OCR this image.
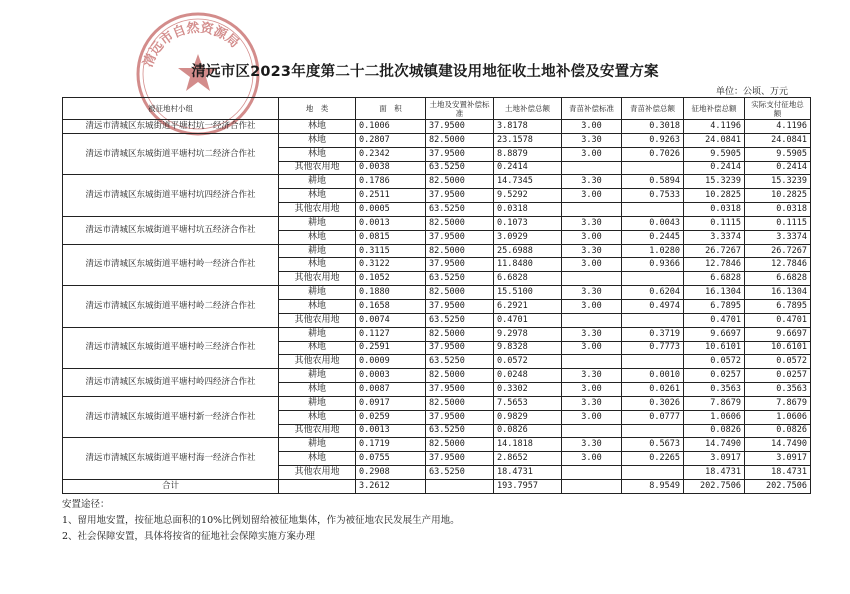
清远市自然资源局
清远市区2023年度第二十二批次城镇建设用地征收土地补偿及安置方案
单位：公顷、万元
被征地村小组	地　类	面　积	土地及安置补偿标准	土地补偿总额	青苗补偿标准	青苗补偿总额	征地补偿总额	实际支付征地总额
清远市清城区东城街道平塘村坑一经济合作社	林地	0.1006	37.9500	3.8178	3.00	0.3018	4.1196	4.1196
清远市清城区东城街道平塘村坑二经济合作社	林地	0.2807	82.5000	23.1578	3.30	0.9263	24.0841	24.0841
	林地	0.2342	37.9500	8.8879	3.00	0.7026	9.5905	9.5905
	其他农用地	0.0038	63.5250	0.2414			0.2414	0.2414
清远市清城区东城街道平塘村坑四经济合作社	耕地	0.1786	82.5000	14.7345	3.30	0.5894	15.3239	15.3239
	林地	0.2511	37.9500	9.5292	3.00	0.7533	10.2825	10.2825
	其他农用地	0.0005	63.5250	0.0318			0.0318	0.0318
清远市清城区东城街道平塘村坑五经济合作社	耕地	0.0013	82.5000	0.1073	3.30	0.0043	0.1115	0.1115
	林地	0.0815	37.9500	3.0929	3.00	0.2445	3.3374	3.3374
清远市清城区东城街道平塘村岭一经济合作社	耕地	0.3115	82.5000	25.6988	3.30	1.0280	26.7267	26.7267
	林地	0.3122	37.9500	11.8480	3.00	0.9366	12.7846	12.7846
	其他农用地	0.1052	63.5250	6.6828			6.6828	6.6828
清远市清城区东城街道平塘村岭二经济合作社	耕地	0.1880	82.5000	15.5100	3.30	0.6204	16.1304	16.1304
	林地	0.1658	37.9500	6.2921	3.00	0.4974	6.7895	6.7895
	其他农用地	0.0074	63.5250	0.4701			0.4701	0.4701
清远市清城区东城街道平塘村岭三经济合作社	耕地	0.1127	82.5000	9.2978	3.30	0.3719	9.6697	9.6697
	林地	0.2591	37.9500	9.8328	3.00	0.7773	10.6101	10.6101
	其他农用地	0.0009	63.5250	0.0572			0.0572	0.0572
清远市清城区东城街道平塘村岭四经济合作社	耕地	0.0003	82.5000	0.0248	3.30	0.0010	0.0257	0.0257
	林地	0.0087	37.9500	0.3302	3.00	0.0261	0.3563	0.3563
清远市清城区东城街道平塘村新一经济合作社	耕地	0.0917	82.5000	7.5653	3.30	0.3026	7.8679	7.8679
	林地	0.0259	37.9500	0.9829	3.00	0.0777	1.0606	1.0606
	其他农用地	0.0013	63.5250	0.0826			0.0826	0.0826
清远市清城区东城街道平塘村海一经济合作社	耕地	0.1719	82.5000	14.1818	3.30	0.5673	14.7490	14.7490
	林地	0.0755	37.9500	2.8652	3.00	0.2265	3.0917	3.0917
	其他农用地	0.2908	63.5250	18.4731			18.4731	18.4731
合计		3.2612		193.7957		8.9549	202.7506	202.7506
安置途径：
1、留用地安置，按征地总面积的10%比例划留给被征地集体，作为被征地农民发展生产用地。
2、社会保障安置，具体将按省的征地社会保障实施方案办理
